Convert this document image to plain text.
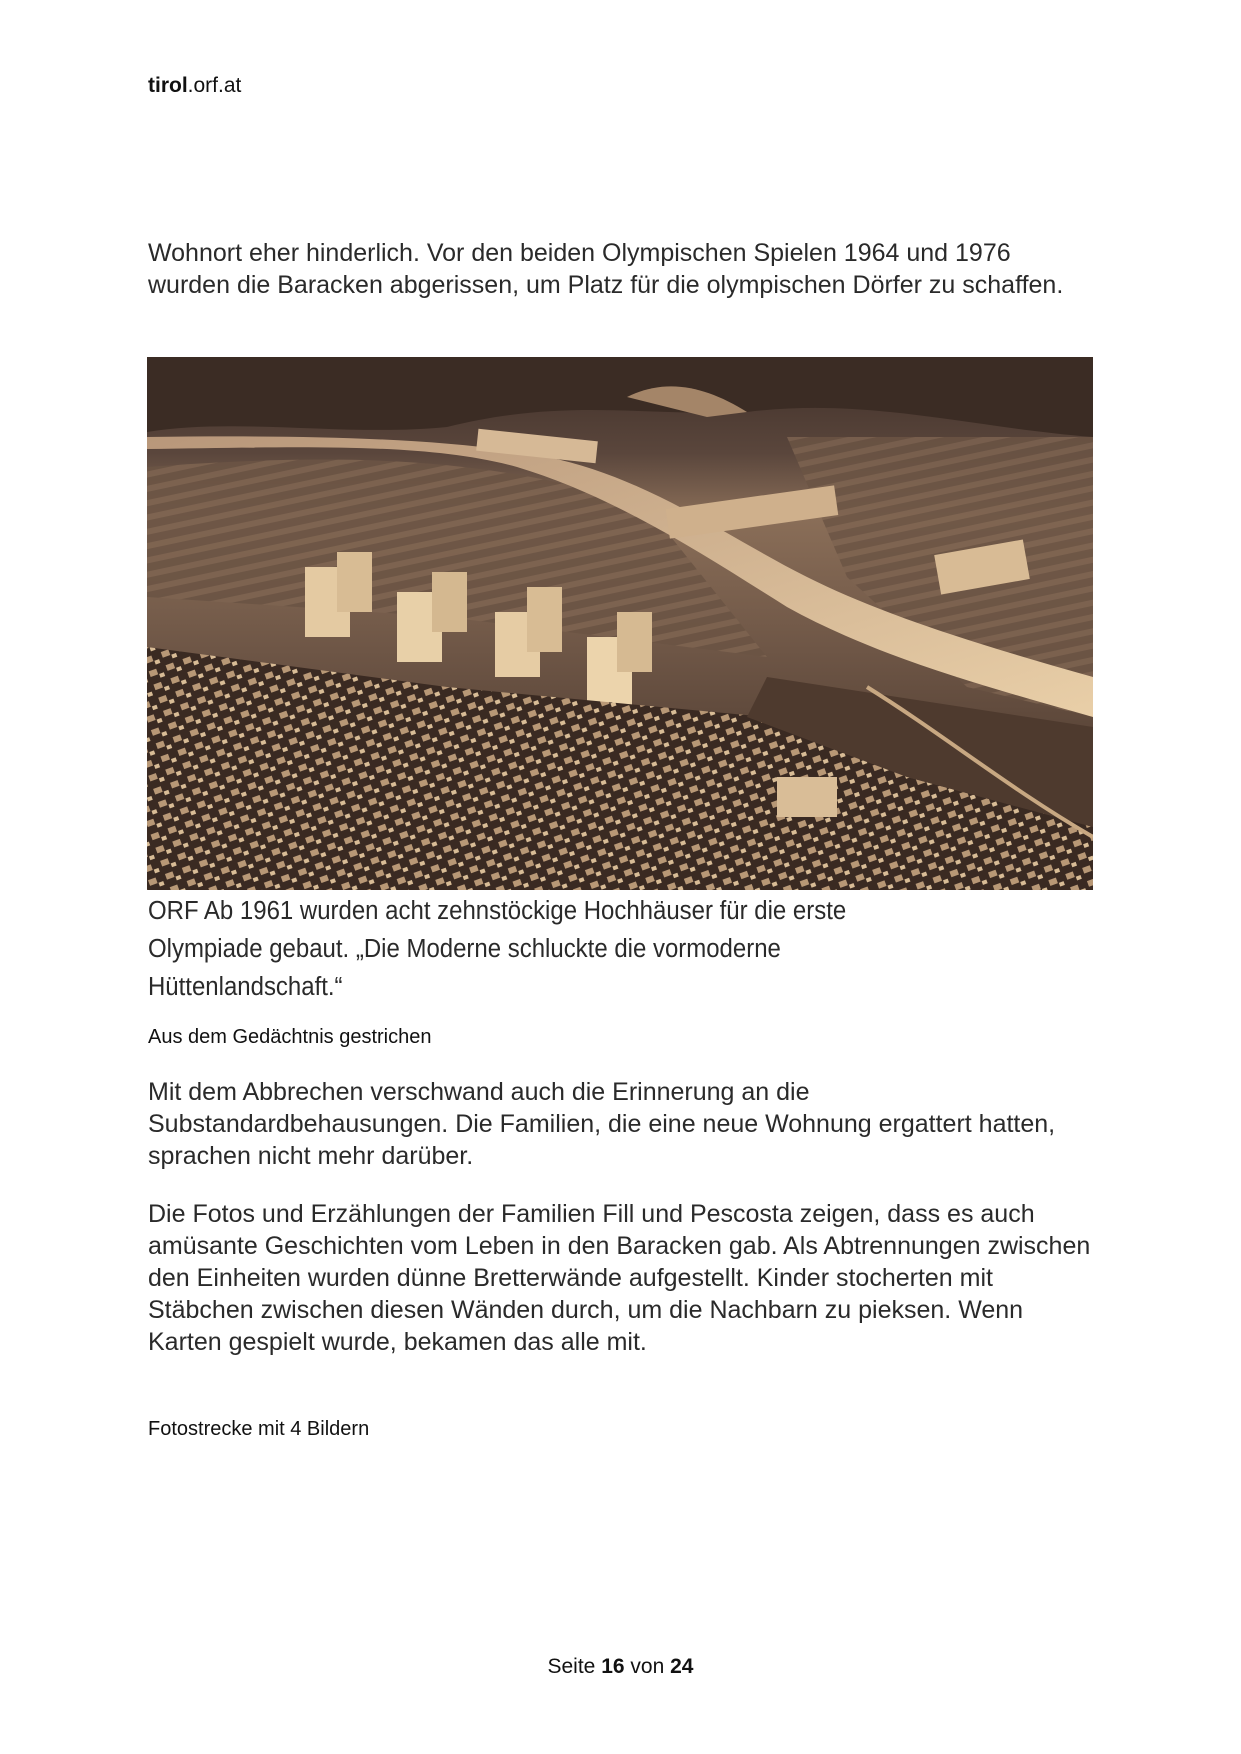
tirol.orf.at

Wohnort eher hinderlich. Vor den beiden Olympischen Spielen 1964 und 1976 wurden die Baracken abgerissen, um Platz für die olympischen Dörfer zu schaffen.

ORF Ab 1961 wurden acht zehnstöckige Hochhäuser für die erste
Olympiade gebaut. „Die Moderne schluckte die vormoderne
Hüttenlandschaft.“

Aus dem Gedächtnis gestrichen

Mit dem Abbrechen verschwand auch die Erinnerung an die Substandardbehausungen. Die Familien, die eine neue Wohnung ergattert hatten, sprachen nicht mehr darüber.

Die Fotos und Erzählungen der Familien Fill und Pescosta zeigen, dass es auch amüsante Geschichten vom Leben in den Baracken gab. Als Abtrennungen zwischen den Einheiten wurden dünne Bretterwände aufgestellt. Kinder stocherten mit Stäbchen zwischen diesen Wänden durch, um die Nachbarn zu pieksen. Wenn Karten gespielt wurde, bekamen das alle mit.

Fotostrecke mit 4 Bildern

Seite 16 von 24
